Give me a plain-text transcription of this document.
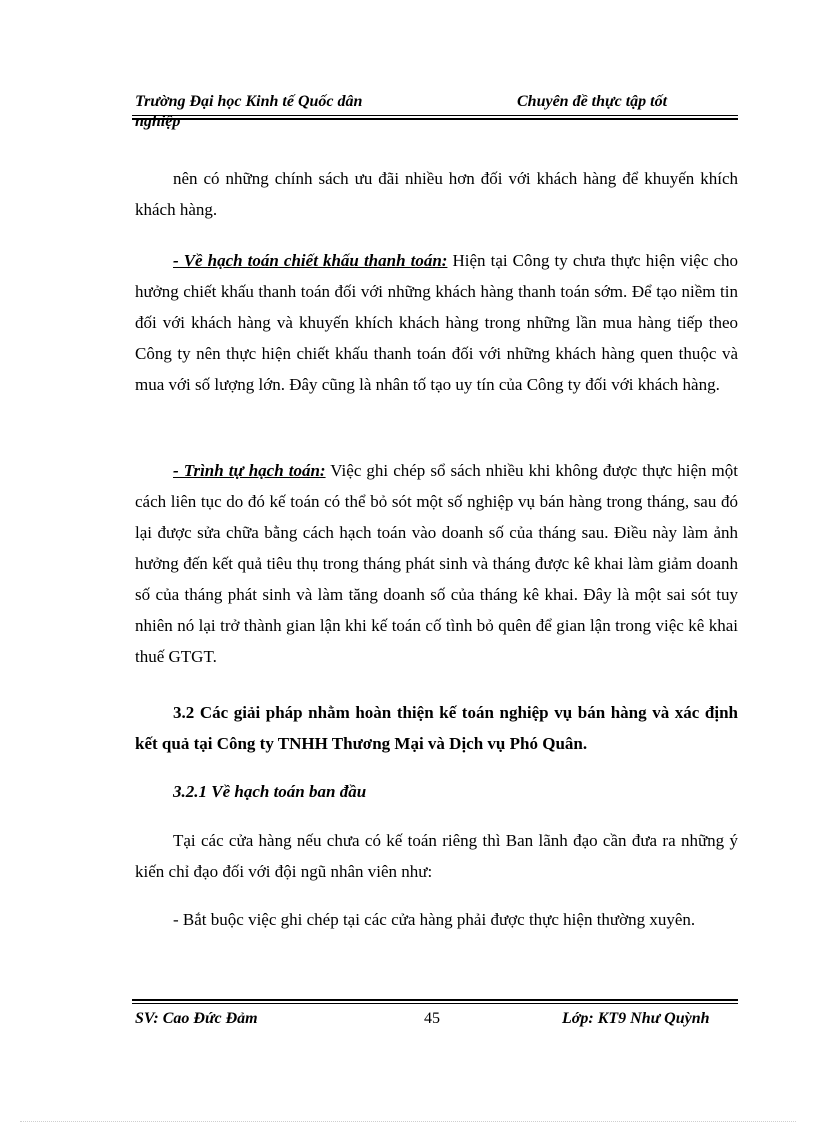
Trường Đại học Kinh tế Quốc dân	Chuyên đề thực tập tốt
nghiệp

nên có những chính sách ưu đãi nhiều hơn đối với khách hàng để khuyến khích khách hàng.

- Về hạch toán chiết khấu thanh toán: Hiện tại Công ty chưa thực hiện việc cho hưởng chiết khấu thanh toán đối với những khách hàng thanh toán sớm. Để tạo niềm tin đối với khách hàng và khuyến khích khách hàng trong những lần mua hàng tiếp theo Công ty nên thực hiện chiết khấu thanh toán đối với những khách hàng quen thuộc và mua với số lượng lớn. Đây cũng là nhân tố tạo uy tín của Công ty đối với khách hàng.

- Trình tự hạch toán: Việc ghi chép sổ sách nhiều khi không được thực hiện một cách liên tục do đó kế toán có thể bỏ sót một số nghiệp vụ bán hàng trong tháng, sau đó lại được sửa chữa bằng cách hạch toán vào doanh số của tháng sau. Điều này làm ảnh hưởng đến kết quả tiêu thụ trong tháng phát sinh và tháng được kê khai làm giảm doanh số của tháng phát sinh và làm tăng doanh số của tháng kê khai. Đây là một sai sót tuy nhiên nó lại trở thành gian lận khi kế toán cố tình bỏ quên để gian lận trong việc kê khai thuế GTGT.

3.2 Các giải pháp nhằm hoàn thiện kế toán nghiệp vụ bán hàng và xác định kết quả tại Công ty TNHH Thương Mại và Dịch vụ Phó Quân.

3.2.1 Về hạch toán ban đầu

Tại các cửa hàng nếu chưa có kế toán riêng thì Ban lãnh đạo cần đưa ra những ý kiến chỉ đạo đối với đội ngũ nhân viên như:

- Bắt buộc việc ghi chép tại các cửa hàng phải được thực hiện thường xuyên.

SV: Cao Đức Đảm	45	Lớp: KT9 Như Quỳnh
